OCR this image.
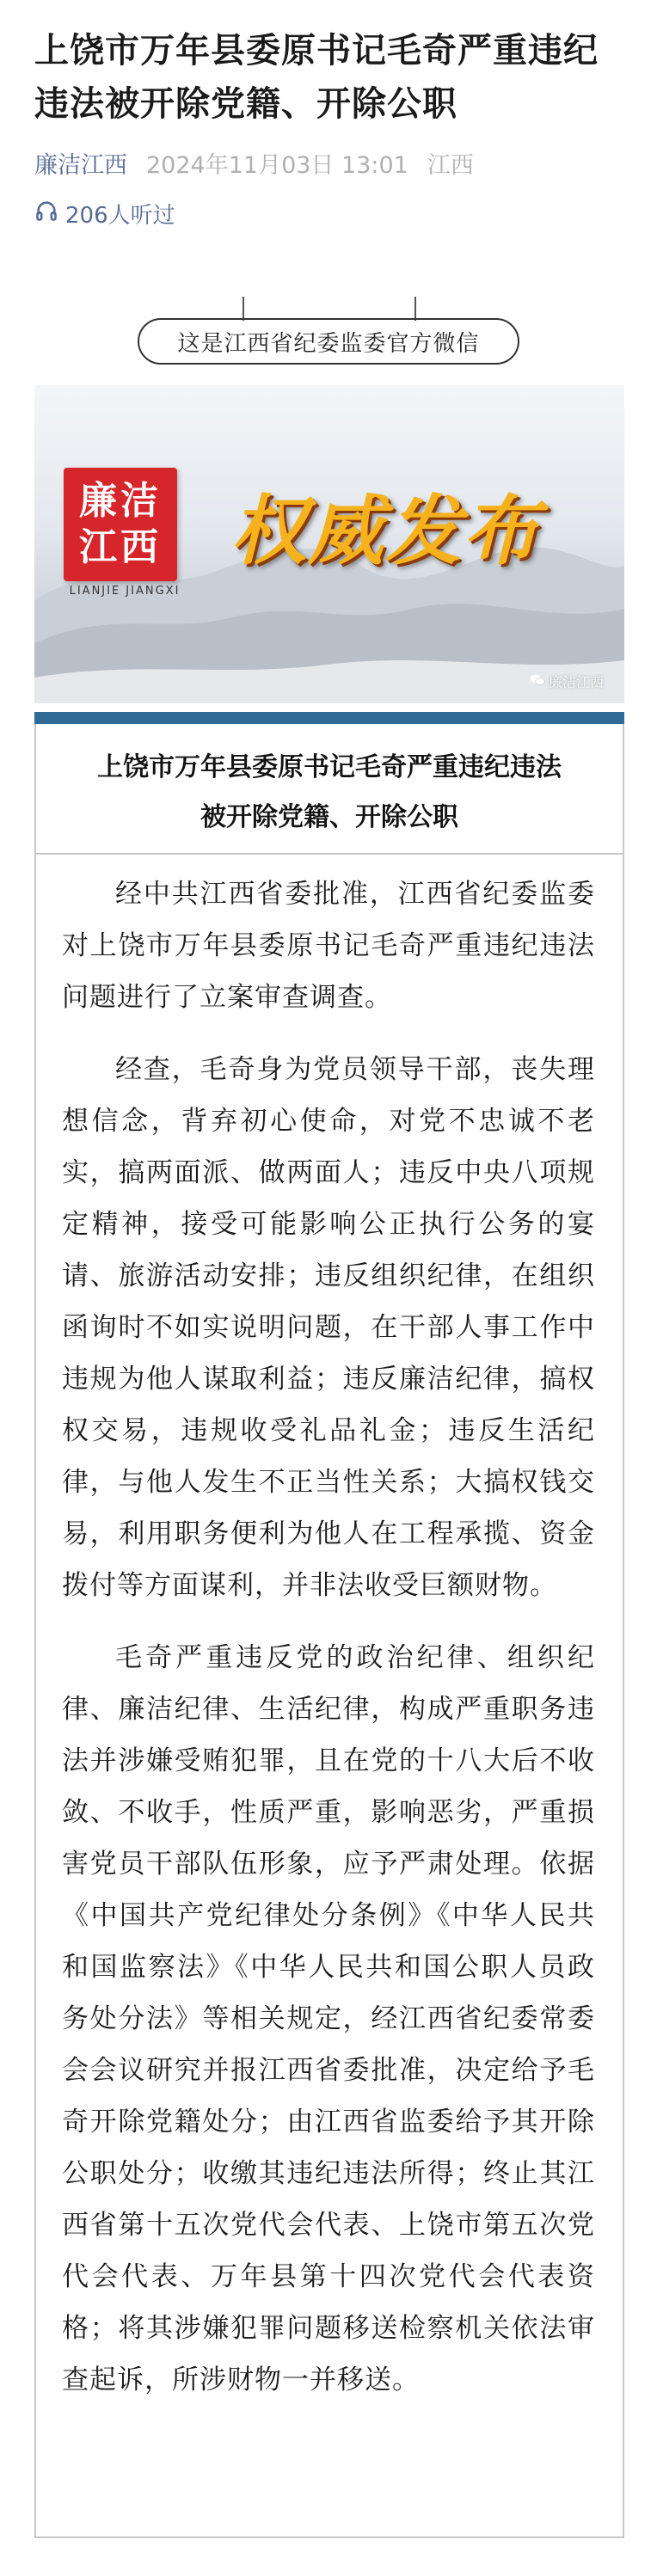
上饶市万年县委原书记毛奇严重违纪违法被开除党籍、开除公职
廉洁江西 2024年11月03日 13:01 江西
206人听过
这是江西省纪委监委官方微信
廉洁
江西
LIANJIE JIANGXI
权威发布
廉洁江西
上饶市万年县委原书记毛奇严重违纪违法
被开除党籍、开除公职

经中共江西省委批准，江西省纪委监委对上饶市万年县委原书记毛奇严重违纪违法问题进行了立案审查调查。

经查，毛奇身为党员领导干部，丧失理想信念，背弃初心使命，对党不忠诚不老实，搞两面派、做两面人；违反中央八项规定精神，接受可能影响公正执行公务的宴请、旅游活动安排；违反组织纪律，在组织函询时不如实说明问题，在干部人事工作中违规为他人谋取利益；违反廉洁纪律，搞权权交易，违规收受礼品礼金；违反生活纪律，与他人发生不正当性关系；大搞权钱交易，利用职务便利为他人在工程承揽、资金拨付等方面谋利，并非法收受巨额财物。

毛奇严重违反党的政治纪律、组织纪律、廉洁纪律、生活纪律，构成严重职务违法并涉嫌受贿犯罪，且在党的十八大后不收敛、不收手，性质严重，影响恶劣，严重损害党员干部队伍形象，应予严肃处理。依据《中国共产党纪律处分条例》《中华人民共和国监察法》《中华人民共和国公职人员政务处分法》等相关规定，经江西省纪委常委会会议研究并报江西省委批准，决定给予毛奇开除党籍处分；由江西省监委给予其开除公职处分；收缴其违纪违法所得；终止其江西省第十五次党代会代表、上饶市第五次党代会代表、万年县第十四次党代会代表资格；将其涉嫌犯罪问题移送检察机关依法审查起诉，所涉财物一并移送。
